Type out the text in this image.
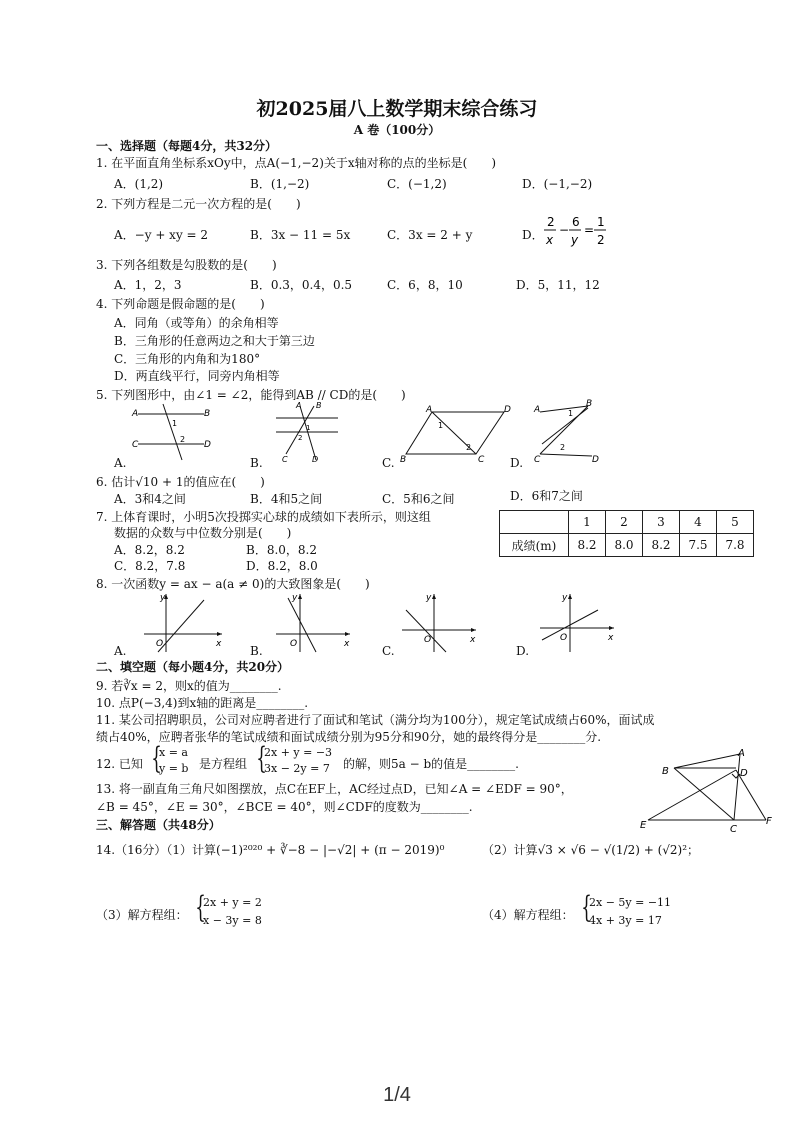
初2025届八上数学期末综合练习
A 卷（100分）
一、选择题（每题4分，共32分）
1. 在平面直角坐标系xOy中，点A(−1,−2)关于x轴对称的点的坐标是(　　)
A．(1,2)	B．(1,−2)	C．(−1,2)	D．(−1,−2)
2. 下列方程是二元一次方程的是(　　)
A．−y + xy = 2	B．3x − 11 = 5x	C．3x = 2 + y	D．
2
x
−
6
y
=
1
2
3. 下列各组数是勾股数的是(　　)
A．1，2，3	B．0.3，0.4，0.5	C．6，8，10	D．5，11，12
4. 下列命题是假命题的是(　　)
A．同角（或等角）的余角相等
B．三角形的任意两边之和大于第三边
C．三角形的内角和为180°
D．两直线平行，同旁内角相等
5. 下列图形中，由∠1 = ∠2，能得到AB // CD的是(　　)
A	B
C	D
1
2
C	D
A B
1
2
A	D
B	C
1
2
A
B
C	D
1
2
A.	B.	C.	D.
6. 估计√10 + 1的值应在(　　)
A．3和4之间	B．4和5之间	C．5和6之间	D．6和7之间
7. 上体育课时，小明5次投掷实心球的成绩如下表所示，则这组
数据的众数与中位数分别是(　　)
A．8.2，8.2	B．8.0，8.2
C．8.2，7.8	D．8.2，8.0
	1	2	3	4	5
成绩(m)	8.2	8.0	8.2	7.5	7.8
8. 一次函数y = ax − a(a ≠ 0)的大致图象是(　　)
O	x
y
O	x
y
O	x
y
O	x
y
A.	B.	C.	D.
二、填空题（每小题4分，共20分）
9. 若∛x = 2，则x的值为________.
10. 点P(−3,4)到x轴的距离是________.
11. 某公司招聘职员，公司对应聘者进行了面试和笔试（满分均为100分），规定笔试成绩占60%，面试成
绩占40%，应聘者张华的笔试成绩和面试成绩分别为95分和90分，她的最终得分是________分.
12. 已知 {
x = a
y = b 是方程组 {
2x + y = −3
3x − 2y = 7 的解，则5a − b的值是________.
13. 将一副直角三角尺如图摆放，点C在EF上，AC经过点D，已知∠A = ∠EDF = 90°，
∠B = 45°，∠E = 30°，∠BCE = 40°，则∠CDF的度数为________.
A
B	D
E	C
F
三、解答题（共48分）
14.（16分）（1）计算(−1)²⁰²⁰ + ∛−8 − |−√2| + (π − 2019)⁰	（2）计算√3 × √6 − √(1/2) + (√2)²；
（3）解方程组： {
2x + y = 2
x − 3y = 8	（4）解方程组： {
2x − 5y = −11
4x + 3y = 17
1/4
